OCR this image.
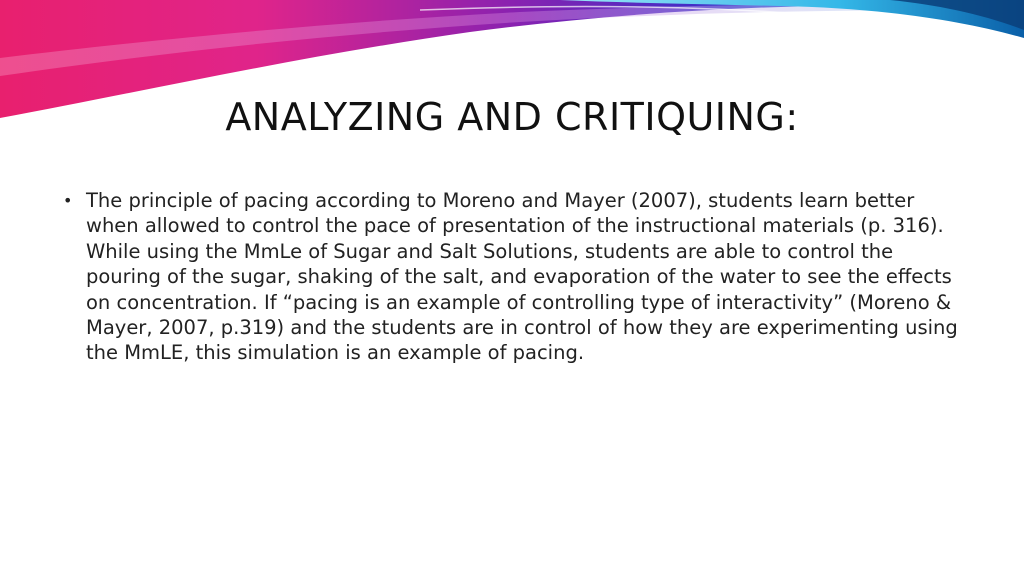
ANALYZING AND CRITIQUING:
• The principle of pacing according to Moreno and Mayer (2007), students learn better when allowed to control the pace of presentation of the instructional materials (p. 316). While using the MmLe of Sugar and Salt Solutions, students are able to control the pouring of the sugar, shaking of the salt, and evaporation of the water to see the effects on concentration. If “pacing is an example of controlling type of interactivity” (Moreno & Mayer, 2007, p.319) and the students are in control of how they are experimenting using the MmLE, this simulation is an example of pacing.
